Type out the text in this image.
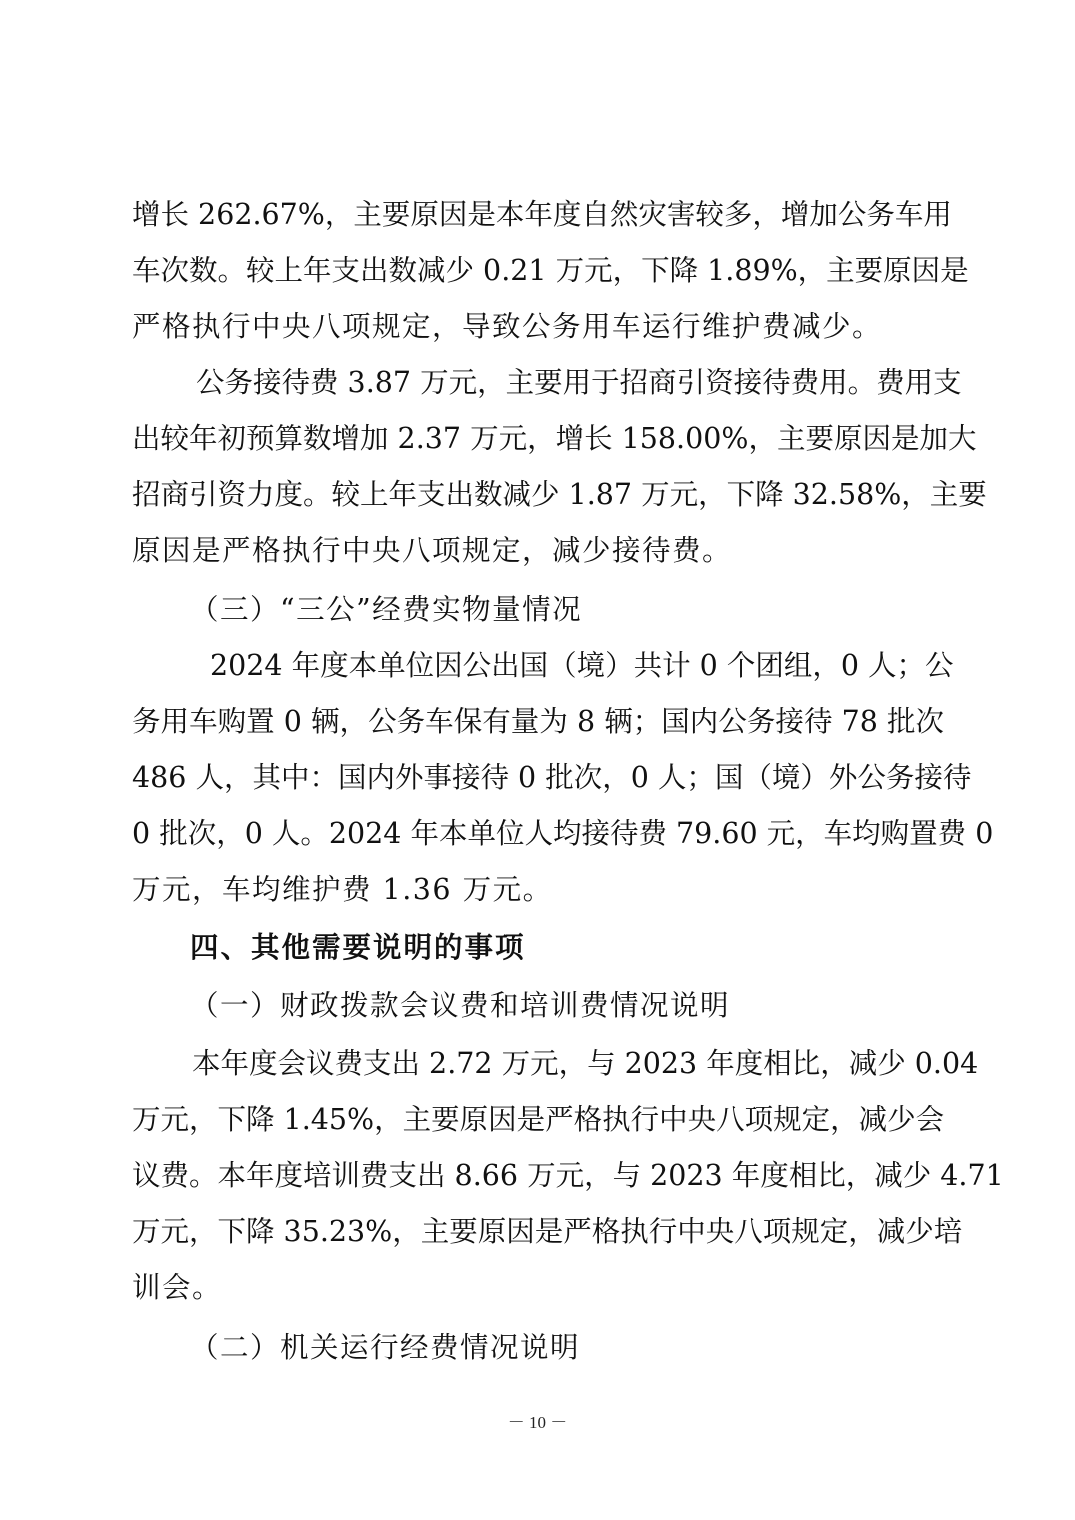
增长 262.67%，主要原因是本年度自然灾害较多，增加公务车用
车次数。较上年支出数减少 0.21 万元，下降 1.89%，主要原因是
严格执行中央八项规定，导致公务用车运行维护费减少。
公务接待费 3.87 万元，主要用于招商引资接待费用。费用支
出较年初预算数增加 2.37 万元，增长 158.00%，主要原因是加大
招商引资力度。较上年支出数减少 1.87 万元，下降 32.58%，主要
原因是严格执行中央八项规定，减少接待费。
（三）“三公”经费实物量情况
2024 年度本单位因公出国（境）共计 0 个团组，0 人；公
务用车购置 0 辆，公务车保有量为 8 辆；国内公务接待 78 批次
486 人，其中：国内外事接待 0 批次，0 人；国（境）外公务接待
0 批次，0 人。2024 年本单位人均接待费 79.60 元，车均购置费 0
万元，车均维护费 1.36 万元。
四、其他需要说明的事项
（一）财政拨款会议费和培训费情况说明
本年度会议费支出 2.72 万元，与 2023 年度相比，减少 0.04
万元，下降 1.45%，主要原因是严格执行中央八项规定，减少会
议费。本年度培训费支出 8.66 万元，与 2023 年度相比，减少 4.71
万元，下降 35.23%，主要原因是严格执行中央八项规定，减少培
训会。
（二）机关运行经费情况说明
－ 10 －
